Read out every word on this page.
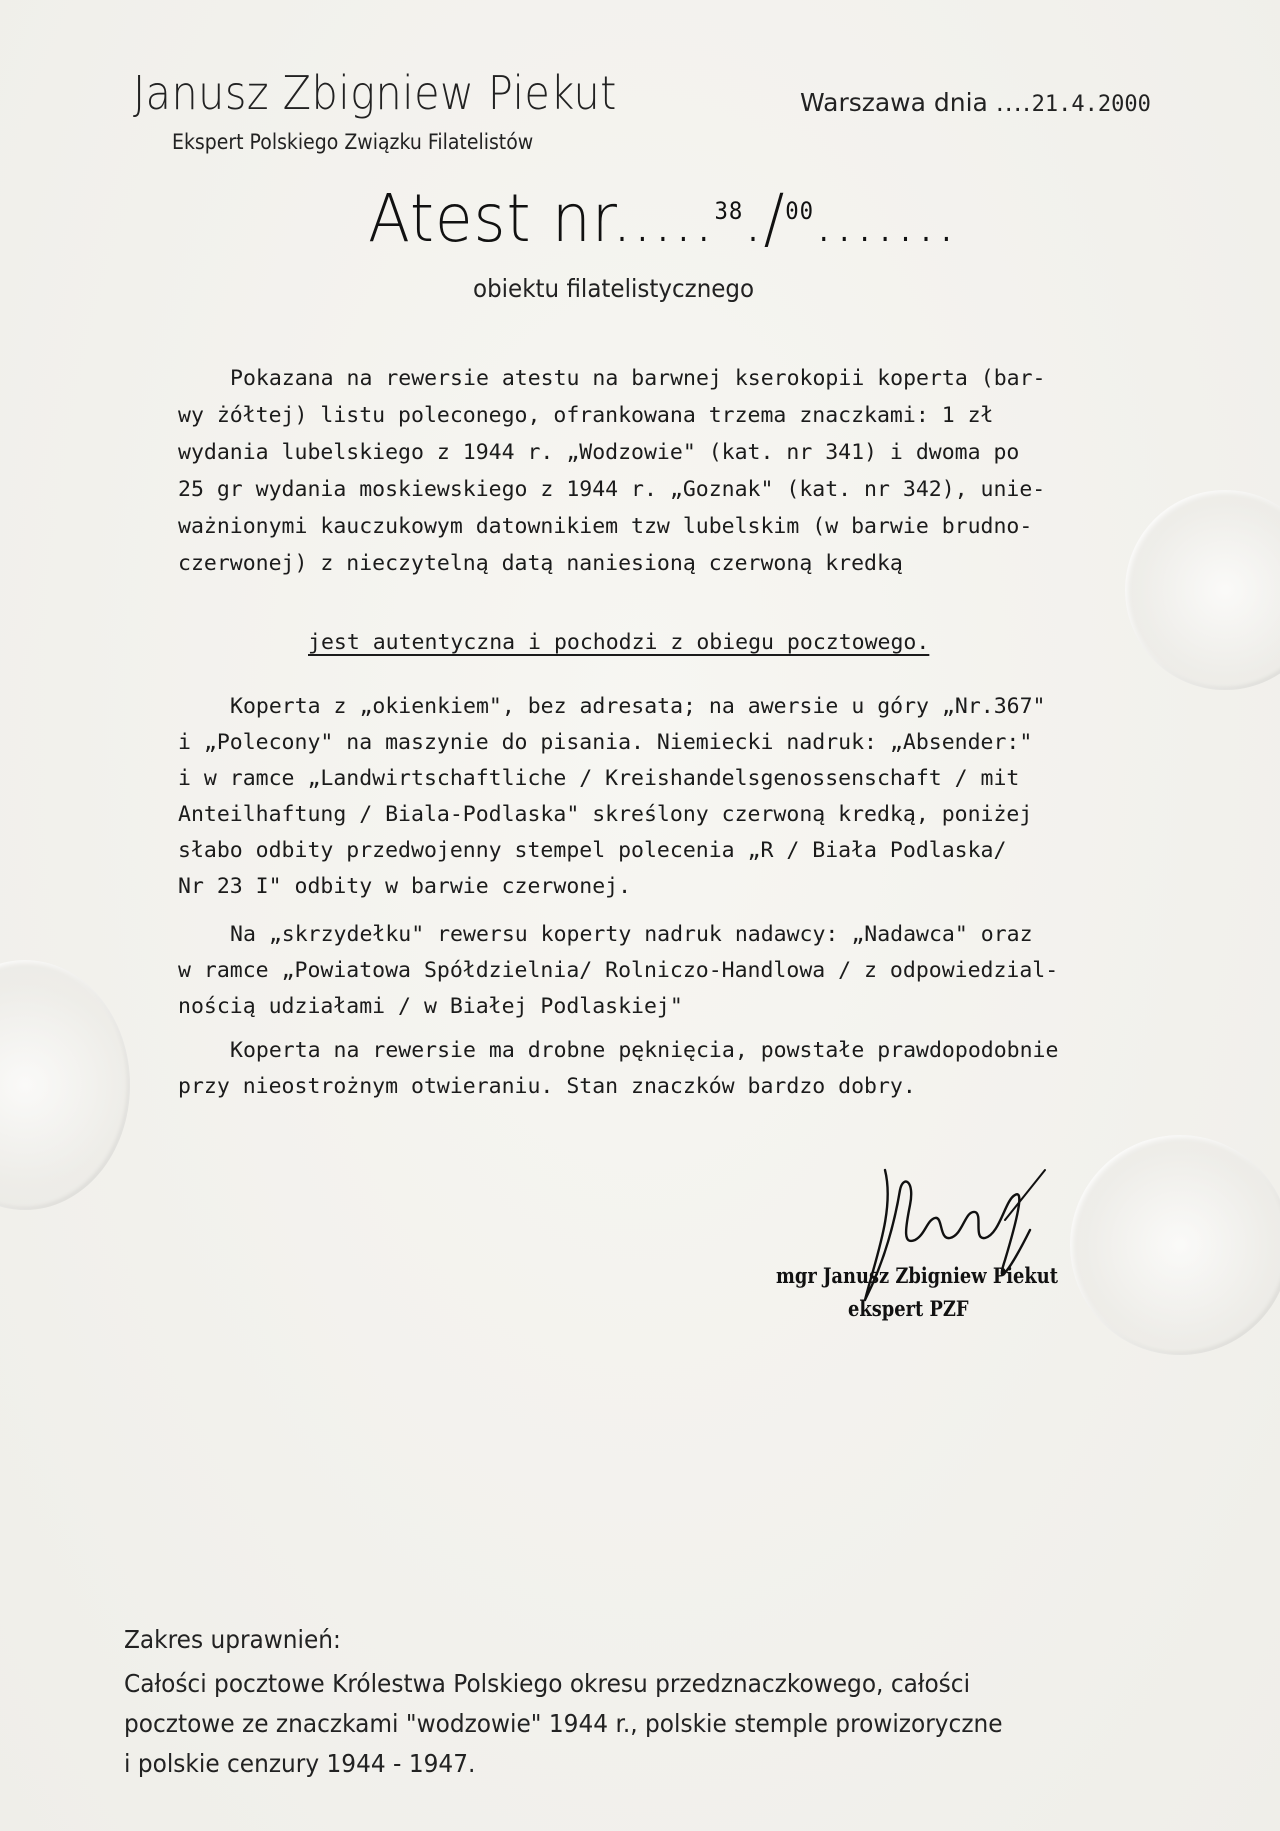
Janusz Zbigniew Piekut
Ekspert Polskiego Związku Filatelistów
Warszawa dnia ....21.4.2000
Atest nr.....$^{38}$./$^{00}$.......
obiektu filatelistycznego
Pokazana na rewersie atestu na barwnej kserokopii koperta (bar-
wy żółtej) listu poleconego, ofrankowana trzema znaczkami: 1 zł
wydania lubelskiego z 1944 r. „Wodzowie" (kat. nr 341) i dwoma po
25 gr wydania moskiewskiego z 1944 r. „Goznak" (kat. nr 342), unie-
ważnionymi kauczukowym datownikiem tzw lubelskim (w barwie brudno-
czerwonej) z nieczytelną datą naniesioną czerwoną kredką
jest autentyczna i pochodzi z obiegu pocztowego.
Koperta z „okienkiem", bez adresata; na awersie u góry „Nr.367"
i „Polecony" na maszynie do pisania. Niemiecki nadruk: „Absender:"
i w ramce „Landwirtschaftliche / Kreishandelsgenossenschaft / mit
Anteilhaftung / Biala-Podlaska" skreślony czerwoną kredką, poniżej
słabo odbity przedwojenny stempel polecenia „R / Biała Podlaska/
Nr 23 I" odbity w barwie czerwonej.
Na „skrzydełku" rewersu koperty nadruk nadawcy: „Nadawca" oraz
w ramce „Powiatowa Spółdzielnia/ Rolniczo-Handlowa / z odpowiedzial-
nością udziałami / w Białej Podlaskiej"
Koperta na rewersie ma drobne pęknięcia, powstałe prawdopodobnie
przy nieostrożnym otwieraniu. Stan znaczków bardzo dobry.
mgr Janusz Zbigniew Piekut
ekspert PZF
Zakres uprawnień:
Całości pocztowe Królestwa Polskiego okresu przedznaczkowego, całości
pocztowe ze znaczkami "wodzowie" 1944 r., polskie stemple prowizoryczne
i polskie cenzury 1944 - 1947.
